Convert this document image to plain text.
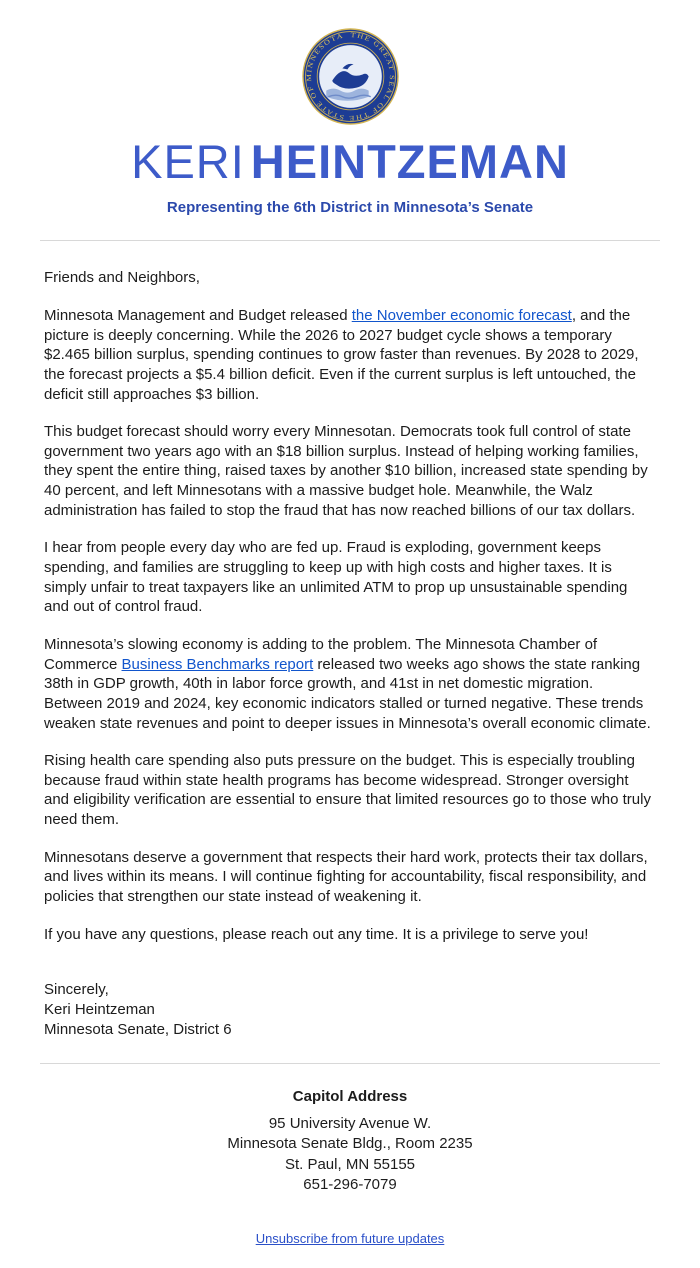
THE GREAT SEAL OF THE STATE OF MINNESOTA
KERI HEINTZEMAN
Representing the 6th District in Minnesota’s Senate

Friends and Neighbors,

Minnesota Management and Budget released the November economic forecast, and the picture is deeply concerning. While the 2026 to 2027 budget cycle shows a temporary $2.465 billion surplus, spending continues to grow faster than revenues. By 2028 to 2029, the forecast projects a $5.4 billion deficit. Even if the current surplus is left untouched, the deficit still approaches $3 billion.

This budget forecast should worry every Minnesotan. Democrats took full control of state government two years ago with an $18 billion surplus. Instead of helping working families, they spent the entire thing, raised taxes by another $10 billion, increased state spending by 40 percent, and left Minnesotans with a massive budget hole. Meanwhile, the Walz administration has failed to stop the fraud that has now reached billions of our tax dollars.

I hear from people every day who are fed up. Fraud is exploding, government keeps spending, and families are struggling to keep up with high costs and higher taxes. It is simply unfair to treat taxpayers like an unlimited ATM to prop up unsustainable spending and out of control fraud.

Minnesota’s slowing economy is adding to the problem. The Minnesota Chamber of Commerce Business Benchmarks report released two weeks ago shows the state ranking 38th in GDP growth, 40th in labor force growth, and 41st in net domestic migration. Between 2019 and 2024, key economic indicators stalled or turned negative. These trends weaken state revenues and point to deeper issues in Minnesota’s overall economic climate.

Rising health care spending also puts pressure on the budget. This is especially troubling because fraud within state health programs has become widespread. Stronger oversight and eligibility verification are essential to ensure that limited resources go to those who truly need them.

Minnesotans deserve a government that respects their hard work, protects their tax dollars, and lives within its means. I will continue fighting for accountability, fiscal responsibility, and policies that strengthen our state instead of weakening it.

If you have any questions, please reach out any time. It is a privilege to serve you!

Sincerely,
Keri Heintzeman
Minnesota Senate, District 6
Capitol Address
95 University Avenue W.
Minnesota Senate Bldg., Room 2235
St. Paul, MN 55155
651-296-7079
Unsubscribe from future updates
